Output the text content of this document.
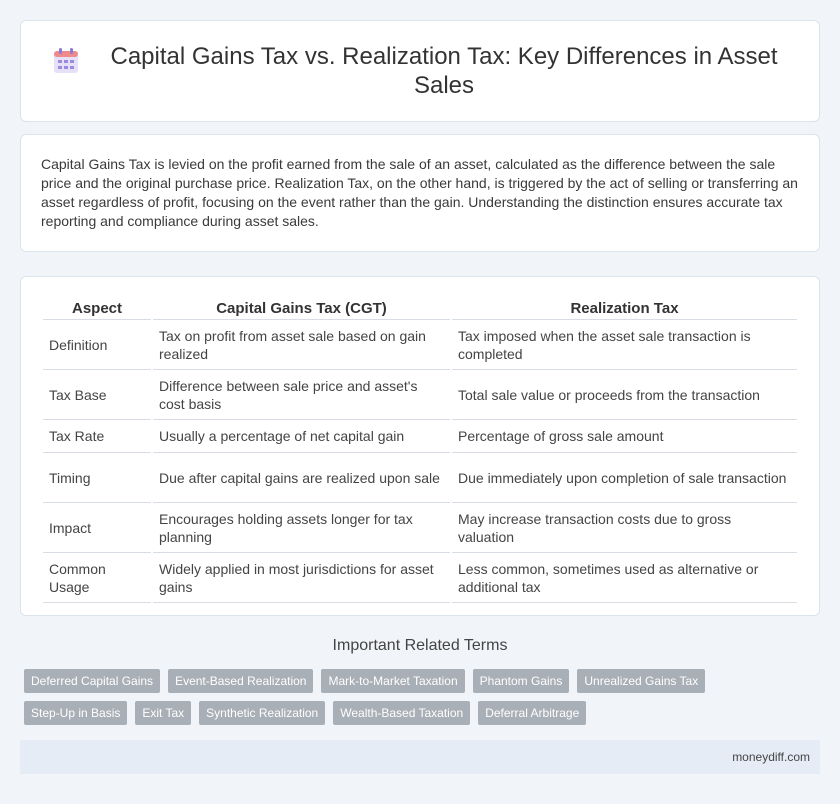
Capital Gains Tax vs. Realization Tax: Key Differences in Asset Sales

Capital Gains Tax is levied on the profit earned from the sale of an asset, calculated as the difference between the sale price and the original purchase price. Realization Tax, on the other hand, is triggered by the act of selling or transferring an asset regardless of profit, focusing on the event rather than the gain. Understanding the distinction ensures accurate tax reporting and compliance during asset sales.

Aspect	Capital Gains Tax (CGT)	Realization Tax
Definition	Tax on profit from asset sale based on gain realized	Tax imposed when the asset sale transaction is completed
Tax Base	Difference between sale price and asset's cost basis	Total sale value or proceeds from the transaction
Tax Rate	Usually a percentage of net capital gain	Percentage of gross sale amount
Timing	Due after capital gains are realized upon sale	Due immediately upon completion of sale transaction
Impact	Encourages holding assets longer for tax planning	May increase transaction costs due to gross valuation
Common Usage	Widely applied in most jurisdictions for asset gains	Less common, sometimes used as alternative or additional tax
Important Related Terms
Deferred Capital Gains	Event-Based Realization	Mark-to-Market Taxation	Phantom Gains	Unrealized Gains Tax
Step-Up in Basis	Exit Tax	Synthetic Realization	Wealth-Based Taxation	Deferral Arbitrage
moneydiff.com
